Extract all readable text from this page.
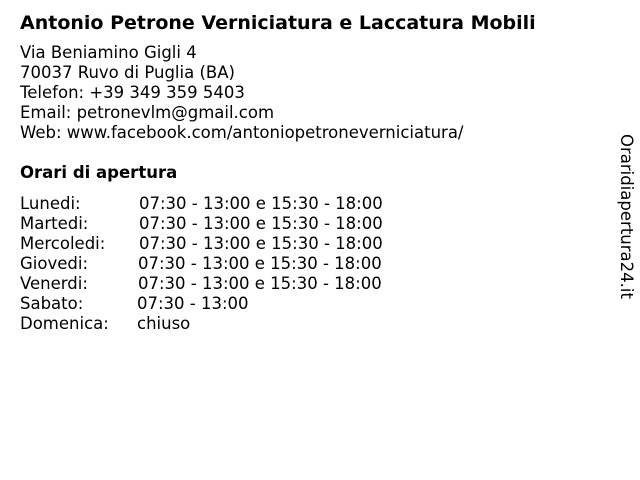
Antonio Petrone Verniciatura e Laccatura Mobili
Via Beniamino Gigli 4
70037 Ruvo di Puglia (BA)
Telefon: +39 349 359 5403
Email: petronevlm@gmail.com
Web: www.facebook.com/antoniopetroneverniciatura/
Orari di apertura
Lunedi:	07:30 - 13:00 e 15:30 - 18:00
Martedi:	07:30 - 13:00 e 15:30 - 18:00
Mercoledi: 07:30 - 13:00 e 15:30 - 18:00
Giovedi:	07:30 - 13:00 e 15:30 - 18:00
Venerdi:	07:30 - 13:00 e 15:30 - 18:00
Sabato:	07:30 - 13:00
Domenica: chiuso
Oraridiapertura24.it
